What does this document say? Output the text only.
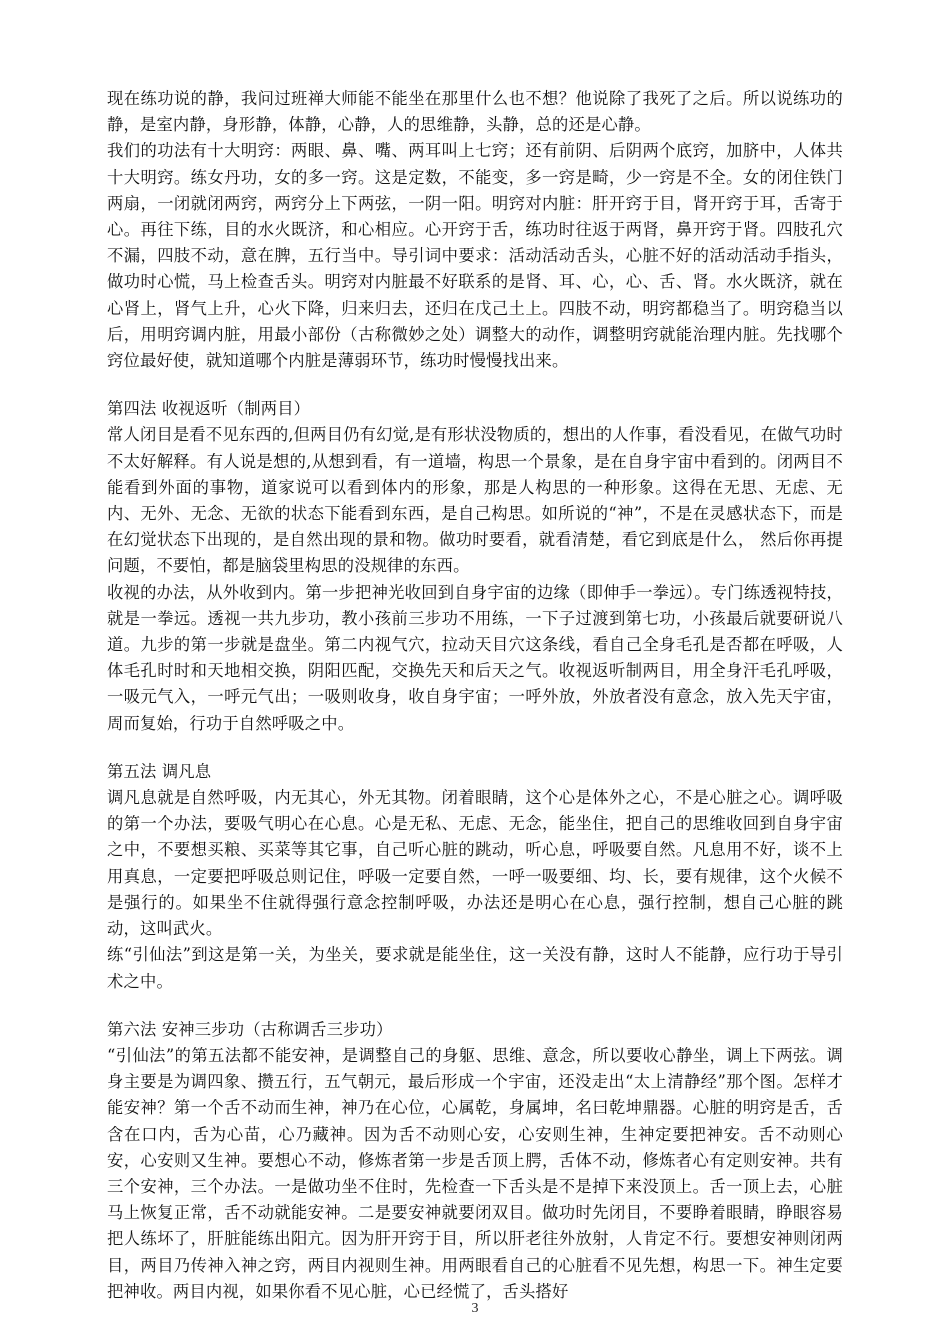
现在练功说的静，我问过班禅大师能不能坐在那里什么也不想？他说除了我死了之后。所以说练功的静，是室内静，身形静，体静，心静，人的思维静，头静，总的还是心静。

我们的功法有十大明窍：两眼、鼻、嘴、两耳叫上七窍；还有前阴、后阴两个底窍，加脐中，人体共十大明窍。练女丹功，女的多一窍。这是定数，不能变，多一窍是畸，少一窍是不全。女的闭住铁门两扇，一闭就闭两窍，两窍分上下两弦，一阴一阳。明窍对内脏：肝开窍于目，肾开窍于耳，舌寄于心。再往下练，目的水火既济，和心相应。心开窍于舌，练功时往返于两肾，鼻开窍于肾。四肢孔穴不漏，四肢不动，意在脾，五行当中。导引词中要求：活动活动舌头，心脏不好的活动活动手指头，做功时心慌，马上检查舌头。明窍对内脏最不好联系的是肾、耳、心，心、舌、肾。水火既济，就在心肾上，肾气上升，心火下降，归来归去，还归在戊己土上。四肢不动，明窍都稳当了。明窍稳当以后，用明窍调内脏，用最小部份（古称微妙之处）调整大的动作，调整明窍就能治理内脏。先找哪个窍位最好使，就知道哪个内脏是薄弱环节，练功时慢慢找出来。

第四法 收视返听（制两目）

常人闭目是看不见东西的,但两目仍有幻觉,是有形状没物质的，想出的人作事，看没看见，在做气功时不太好解释。有人说是想的,从想到看，有一道墙，构思一个景象，是在自身宇宙中看到的。闭两目不能看到外面的事物，道家说可以看到体内的形象，那是人构思的一种形象。这得在无思、无虑、无内、无外、无念、无欲的状态下能看到东西，是自己构思。如所说的“神”，不是在灵感状态下，而是在幻觉状态下出现的，是自然出现的景和物。做功时要看，就看清楚，看它到底是什么， 然后你再提问题，不要怕，都是脑袋里构思的没规律的东西。

收视的办法，从外收到内。第一步把神光收回到自身宇宙的边缘（即伸手一拳远）。专门练透视特技，就是一拳远。透视一共九步功，教小孩前三步功不用练，一下子过渡到第七功，小孩最后就要研说八道。九步的第一步就是盘坐。第二内视气穴，拉动天目穴这条线，看自己全身毛孔是否都在呼吸，人体毛孔时时和天地相交换，阴阳匹配，交换先天和后天之气。收视返听制两目，用全身汗毛孔呼吸，一吸元气入，一呼元气出；一吸则收身，收自身宇宙；一呼外放，外放者没有意念，放入先天宇宙，周而复始，行功于自然呼吸之中。

第五法 调凡息

调凡息就是自然呼吸，内无其心，外无其物。闭着眼睛，这个心是体外之心，不是心脏之心。调呼吸的第一个办法，要吸气明心在心息。心是无私、无虑、无念，能坐住，把自己的思维收回到自身宇宙之中，不要想买粮、买菜等其它事，自己听心脏的跳动，听心息，呼吸要自然。凡息用不好，谈不上用真息，一定要把呼吸总则记住，呼吸一定要自然，一呼一吸要细、均、长，要有规律，这个火候不是强行的。如果坐不住就得强行意念控制呼吸，办法还是明心在心息，强行控制，想自己心脏的跳动，这叫武火。

练“引仙法”到这是第一关，为坐关，要求就是能坐住，这一关没有静，这时人不能静，应行功于导引术之中。

第六法 安神三步功（古称调舌三步功）

“引仙法”的第五法都不能安神，是调整自己的身躯、思维、意念，所以要收心静坐，调上下两弦。调身主要是为调四象、攒五行，五气朝元，最后形成一个宇宙，还没走出“太上清静经”那个图。怎样才能安神？第一个舌不动而生神，神乃在心位，心属乾，身属坤，名曰乾坤鼎器。心脏的明窍是舌，舌含在口内，舌为心苗，心乃藏神。因为舌不动则心安，心安则生神，生神定要把神安。舌不动则心安，心安则又生神。要想心不动，修炼者第一步是舌顶上腭，舌体不动，修炼者心有定则安神。共有三个安神，三个办法。一是做功坐不住时，先检查一下舌头是不是掉下来没顶上。舌一顶上去，心脏马上恢复正常，舌不动就能安神。二是要安神就要闭双目。做功时先闭目，不要睁着眼睛，睁眼容易把人练坏了，肝脏能练出阳亢。因为肝开窍于目，所以肝老往外放射，人肯定不行。要想安神则闭两目，两目乃传神入神之窍，两目内视则生神。用两眼看自己的心脏看不见先想，构思一下。神生定要把神收。两目内视，如果你看不见心脏，心已经慌了，舌头搭好

3
